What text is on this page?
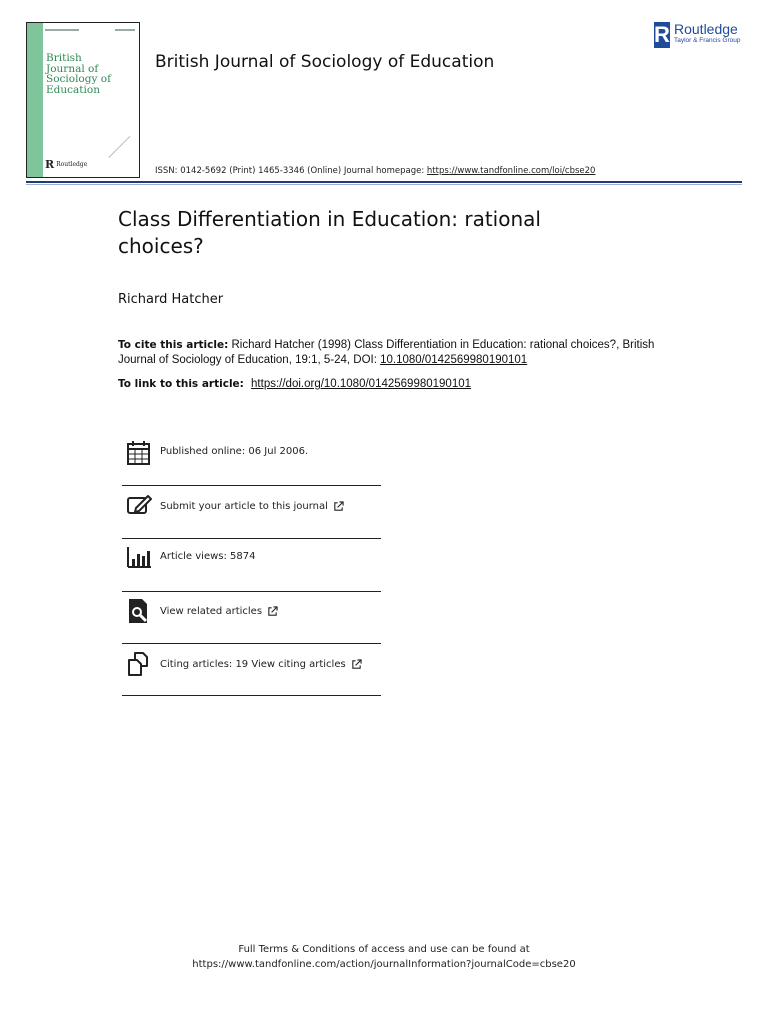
British
Journal of
Sociology of
Education
R Routledge
British Journal of Sociology of Education
R Routledge
Taylor & Francis Group
ISSN: 0142-5692 (Print) 1465-3346 (Online) Journal homepage: https://www.tandfonline.com/loi/cbse20
Class Differentiation in Education: rational choices?
Richard Hatcher
To cite this article: Richard Hatcher (1998) Class Differentiation in Education: rational choices?, British Journal of Sociology of Education, 19:1, 5-24, DOI: 10.1080/0142569980190101
To link to this article:  https://doi.org/10.1080/0142569980190101
Published online: 06 Jul 2006.
Submit your article to this journal
Article views: 5874
View related articles
Citing articles: 19 View citing articles
Full Terms & Conditions of access and use can be found at
https://www.tandfonline.com/action/journalInformation?journalCode=cbse20
